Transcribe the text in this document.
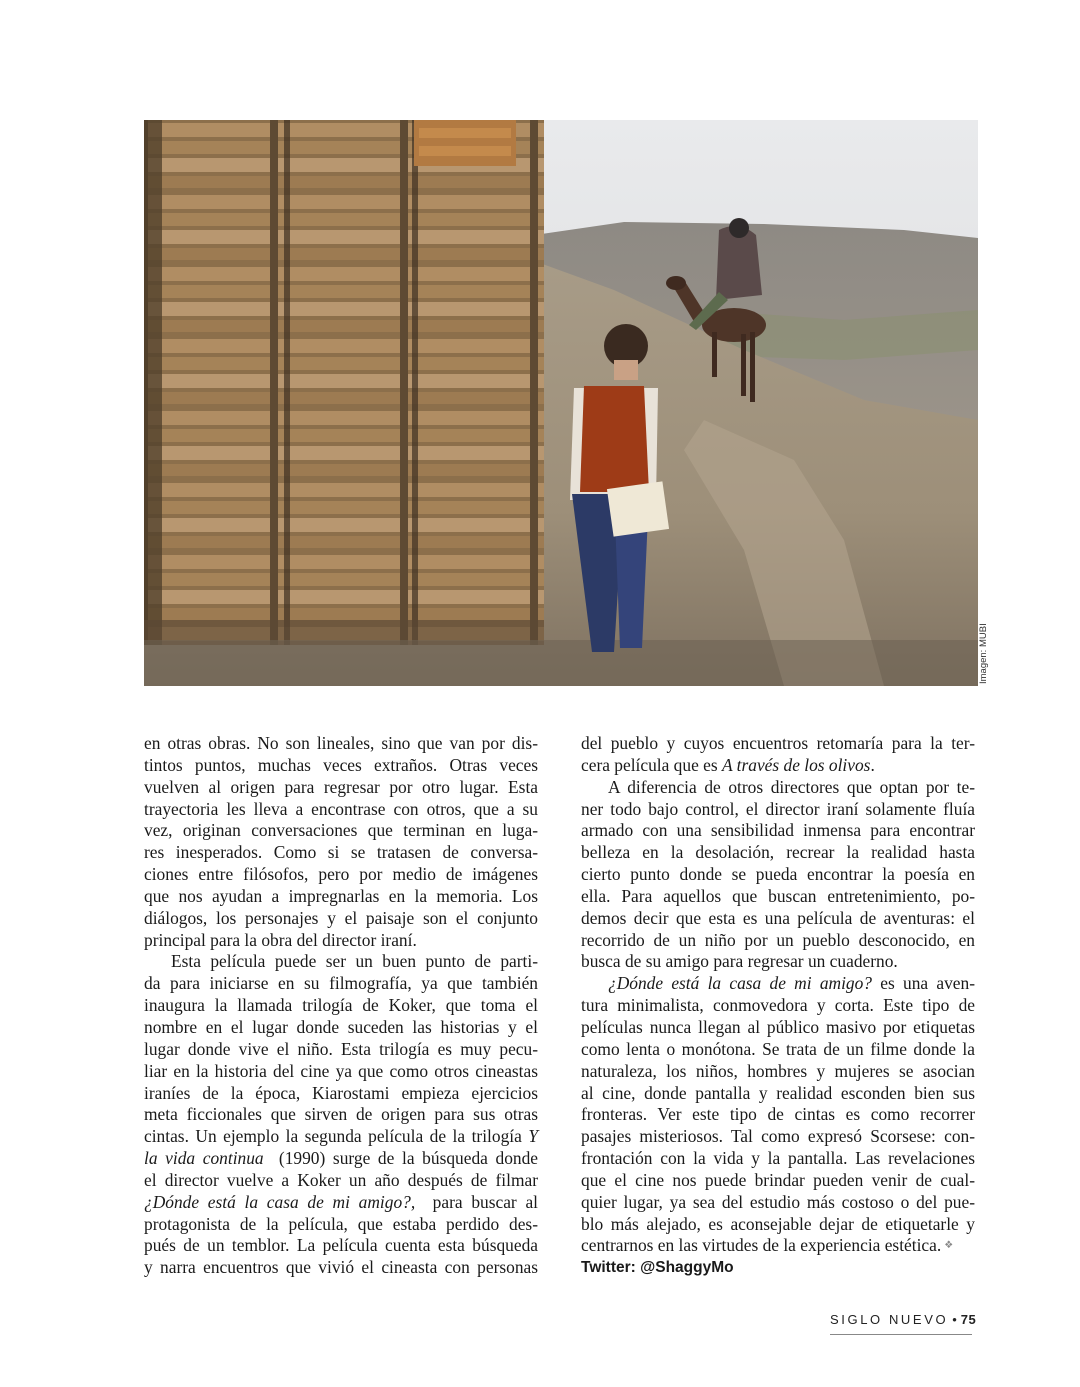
Imagen: MUBI

en otras obras. No son lineales, sino que van por dis-
tintos puntos, muchas veces extraños. Otras veces
vuelven al origen para regresar por otro lugar. Esta
trayectoria les lleva a encontrase con otros, que a su
vez, originan conversaciones que terminan en luga-
res inesperados. Como si se tratasen de conversa-
ciones entre filósofos, pero por medio de imágenes
que nos ayudan a impregnarlas en la memoria. Los
diálogos, los personajes y el paisaje son el conjunto
principal para la obra del director iraní.

Esta película puede ser un buen punto de parti-
da para iniciarse en su filmografía, ya que también
inaugura la llamada trilogía de Koker, que toma el
nombre en el lugar donde suceden las historias y el
lugar donde vive el niño. Esta trilogía es muy pecu-
liar en la historia del cine ya que como otros cineastas
iraníes de la época, Kiarostami empieza ejercicios
meta ficcionales que sirven de origen para sus otras
cintas. Un ejemplo la segunda película de la trilogía Y
la vida continua (1990) surge de la búsqueda donde
el director vuelve a Koker un año después de filmar
¿Dónde está la casa de mi amigo?, para buscar al
protagonista de la película, que estaba perdido des-
pués de un temblor. La película cuenta esta búsqueda
y narra encuentros que vivió el cineasta con personas

del pueblo y cuyos encuentros retomaría para la ter-
cera película que es A través de los olivos.

A diferencia de otros directores que optan por te-
ner todo bajo control, el director iraní solamente fluía
armado con una sensibilidad inmensa para encontrar
belleza en la desolación, recrear la realidad hasta
cierto punto donde se pueda encontrar la poesía en
ella. Para aquellos que buscan entretenimiento, po-
demos decir que esta es una película de aventuras: el
recorrido de un niño por un pueblo desconocido, en
busca de su amigo para regresar un cuaderno.

¿Dónde está la casa de mi amigo? es una aven-
tura minimalista, conmovedora y corta. Este tipo de
películas nunca llegan al público masivo por etiquetas
como lenta o monótona. Se trata de un filme donde la
naturaleza, los niños, hombres y mujeres se asocian
al cine, donde pantalla y realidad esconden bien sus
fronteras. Ver este tipo de cintas es como recorrer
pasajes misteriosos. Tal como expresó Scorsese: con-
frontación con la vida y la pantalla. Las revelaciones
que el cine nos puede brindar pueden venir de cual-
quier lugar, ya sea del estudio más costoso o del pue-
blo más alejado, es aconsejable dejar de etiquetarle y
centrarnos en las virtudes de la experiencia estética. ❖

Twitter: @ShaggyMo
SIGLO NUEVO • 75
